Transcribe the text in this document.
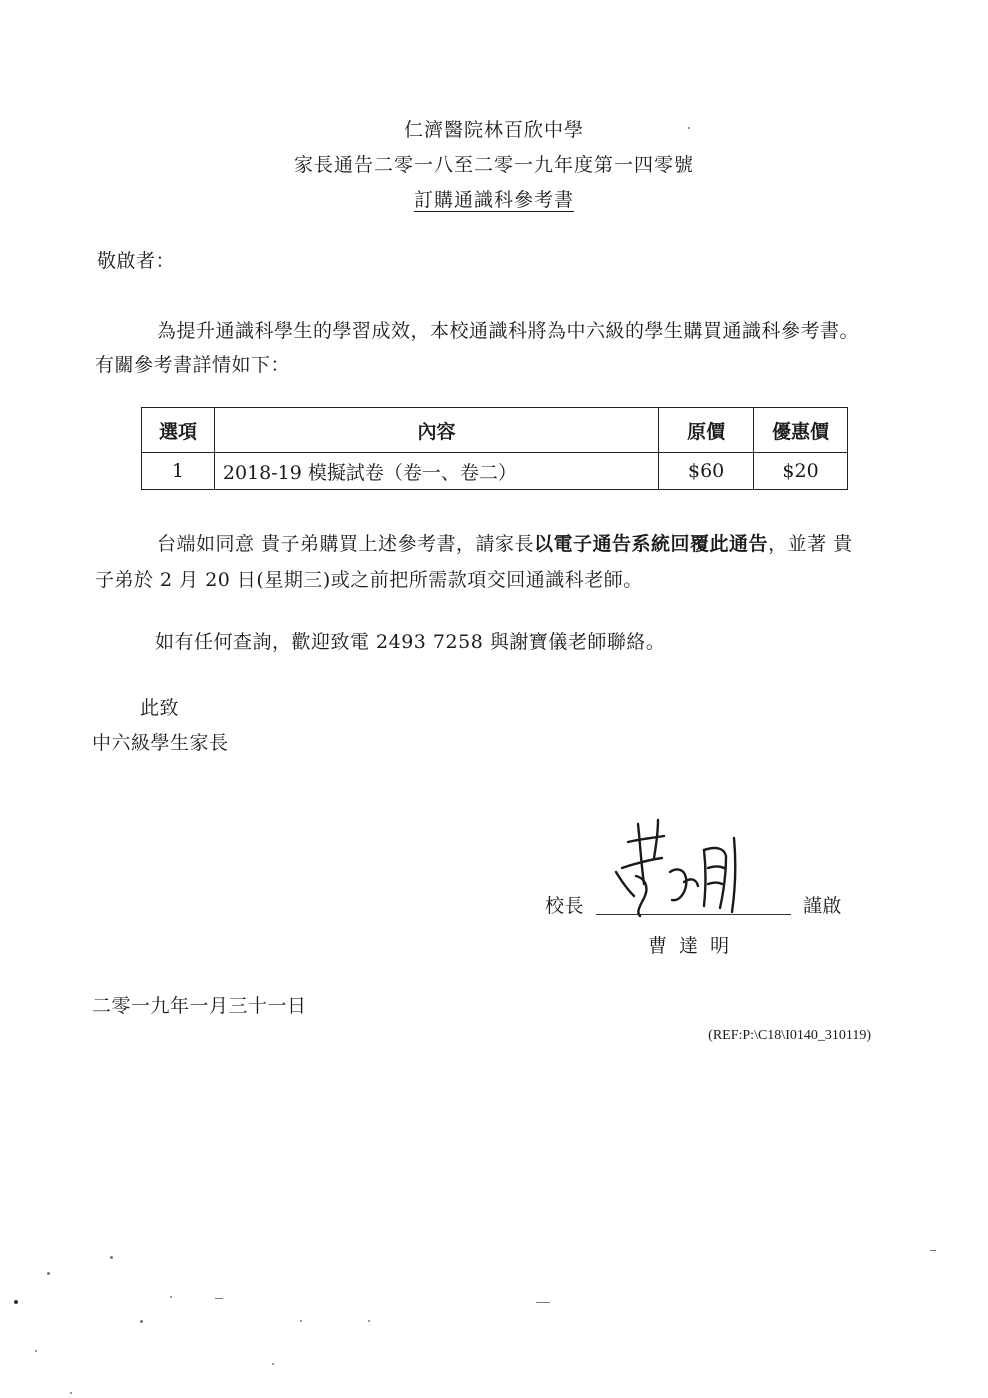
仁濟醫院林百欣中學
家長通告二零一八至二零一九年度第一四零號
訂購通識科參考書
敬啟者：
為提升通識科學生的學習成效，本校通識科將為中六級的學生購買通識科參考書。
有關參考書詳情如下：
選項	內容	原價	優惠價
1	2018-19 模擬試卷（卷一、卷二）	$60	$20
台端如同意 貴子弟購買上述參考書，請家長以電子通告系統回覆此通告，並著 貴
子弟於 2 月 20 日(星期三)或之前把所需款項交回通識科老師。
如有任何查詢，歡迎致電 2493 7258 與謝寶儀老師聯絡。
此致
中六級學生家長
校長	謹啟
曹 達 明
二零一九年一月三十一日
(REF:P:\C18\I0140_310119)
